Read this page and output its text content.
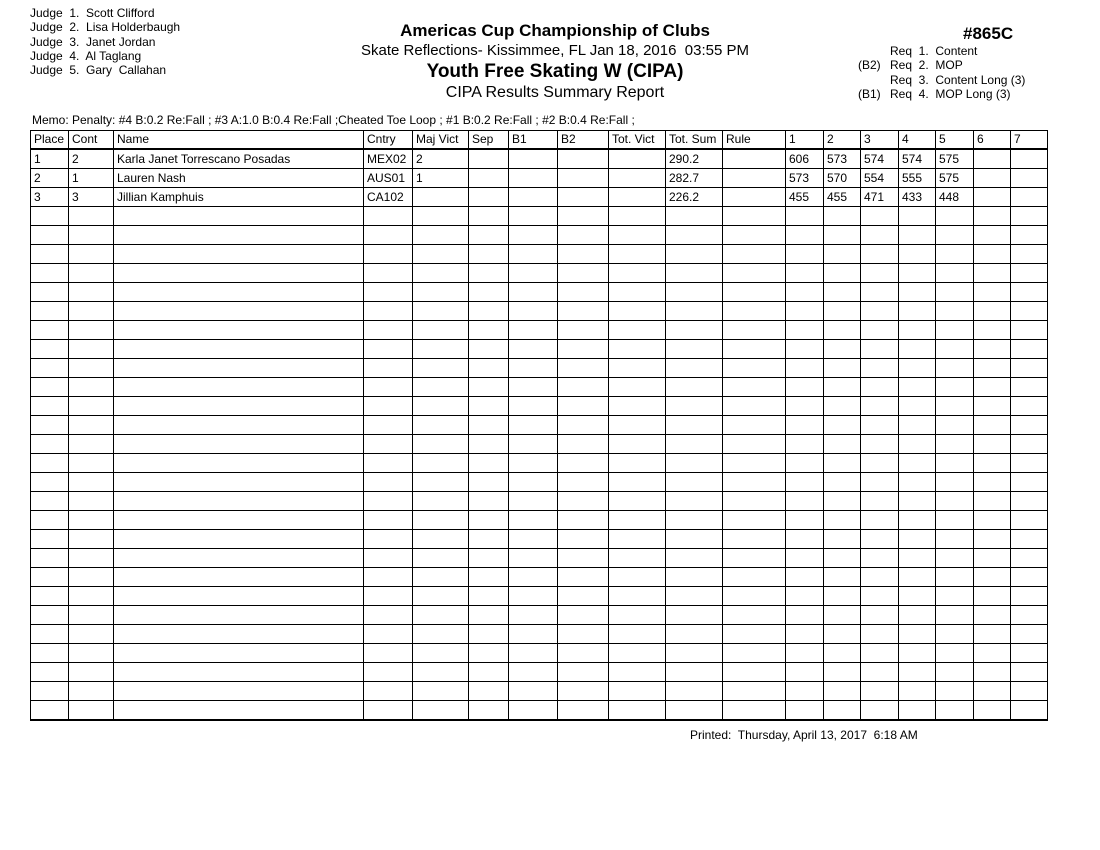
Judge  1.  Scott Clifford
Judge  2.  Lisa Holderbaugh
Judge  3.  Janet Jordan
Judge  4.  Al Taglang
Judge  5.  Gary  Callahan
Americas Cup Championship of Clubs
Skate Reflections- Kissimmee, FL Jan 18, 2016  03:55 PM
Youth Free Skating W (CIPA)
CIPA Results Summary Report
#865C
Req  1.  Content
(B2) Req  2.  MOP
Req  3.  Content Long (3)
(B1) Req  4.  MOP Long (3)
Memo: Penalty: #4 B:0.2 Re:Fall ; #3 A:1.0 B:0.4 Re:Fall ;Cheated Toe Loop ; #1 B:0.2 Re:Fall ; #2 B:0.4 Re:Fall ;
Place	Cont	Name	Cntry	Maj Vict	Sep	B1	B2	Tot. Vict	Tot. Sum	Rule	1	2	3	4	5	6	7
1	2	Karla Janet Torrescano Posadas	MEX02	2					290.2		606	573	574	574	575		
2	1	Lauren Nash	AUS01	1					282.7		573	570	554	555	575		
3	3	Jillian Kamphuis	CA102						226.2		455	455	471	433	448		

Printed:  Thursday, April 13, 2017  6:18 AM
